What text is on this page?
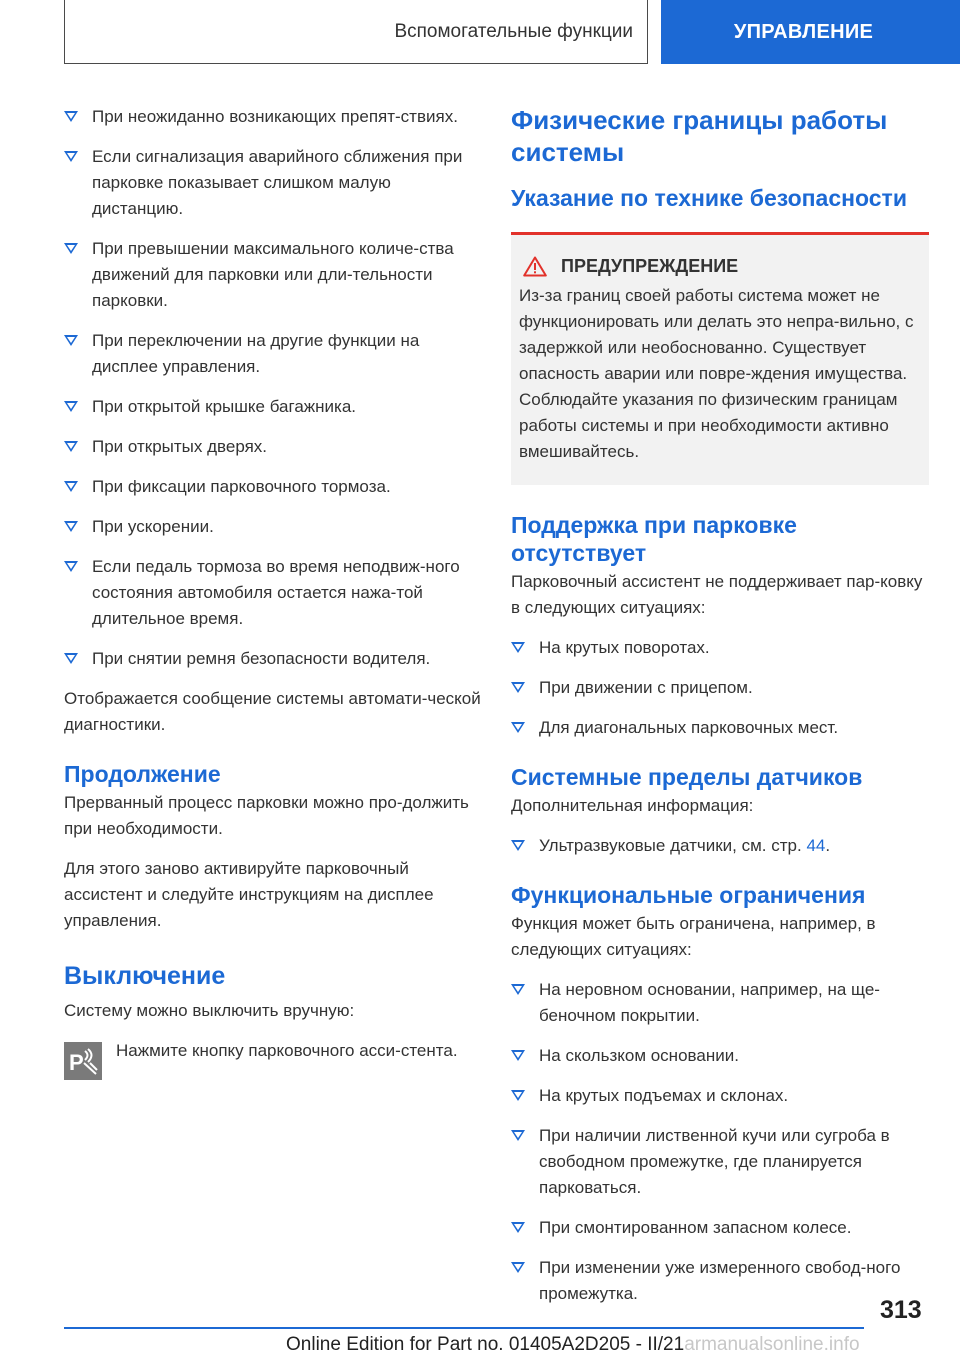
Вспомогательные функции	УПРАВЛЕНИЕ
При неожиданно возникающих препят-ствиях.
Если сигнализация аварийного сближения при парковке показывает слишком малую дистанцию.
При превышении максимального количе-ства движений для парковки или дли-тельности парковки.
При переключении на другие функции на дисплее управления.
При открытой крышке багажника.
При открытых дверях.
При фиксации парковочного тормоза.
При ускорении.
Если педаль тормоза во время неподвиж-ного состояния автомобиля остается нажа-той длительное время.
При снятии ремня безопасности водителя.

Отображается сообщение системы автомати-ческой диагностики.

Продолжение

Прерванный процесс парковки можно про-должить при необходимости.

Для этого заново активируйте парковочный ассистент и следуйте инструкциям на дисплее управления.

Выключение

Систему можно выключить вручную:

P Нажмите кнопку парковочного асси-стента.
Физические границы работы системы
Указание по технике безопасности
ПРЕДУПРЕЖДЕНИЕ

Из-за границ своей работы система может не функционировать или делать это непра-вильно, с задержкой или необоснованно. Существует опасность аварии или повре-ждения имущества. Соблюдайте указания по физическим границам работы системы и при необходимости активно вмешивайтесь.

Поддержка при парковке отсутствует

Парковочный ассистент не поддерживает пар-ковку в следующих ситуациях:

На крутых поворотах.
При движении с прицепом.
Для диагональных парковочных мест.
Системные пределы датчиков

Дополнительная информация:

Ультразвуковые датчики, см. стр. 44.
Функциональные ограничения

Функция может быть ограничена, например, в следующих ситуациях:

На неровном основании, например, на ще-беночном покрытии.
На скользком основании.
На крутых подъемах и склонах.
При наличии лиственной кучи или сугроба в свободном промежутке, где планируется парковаться.
При смонтированном запасном колесе.
При изменении уже измеренного свобод-ного промежутка.
313
Online Edition for Part no. 01405A2D205 - II/21armanualsonline.info
